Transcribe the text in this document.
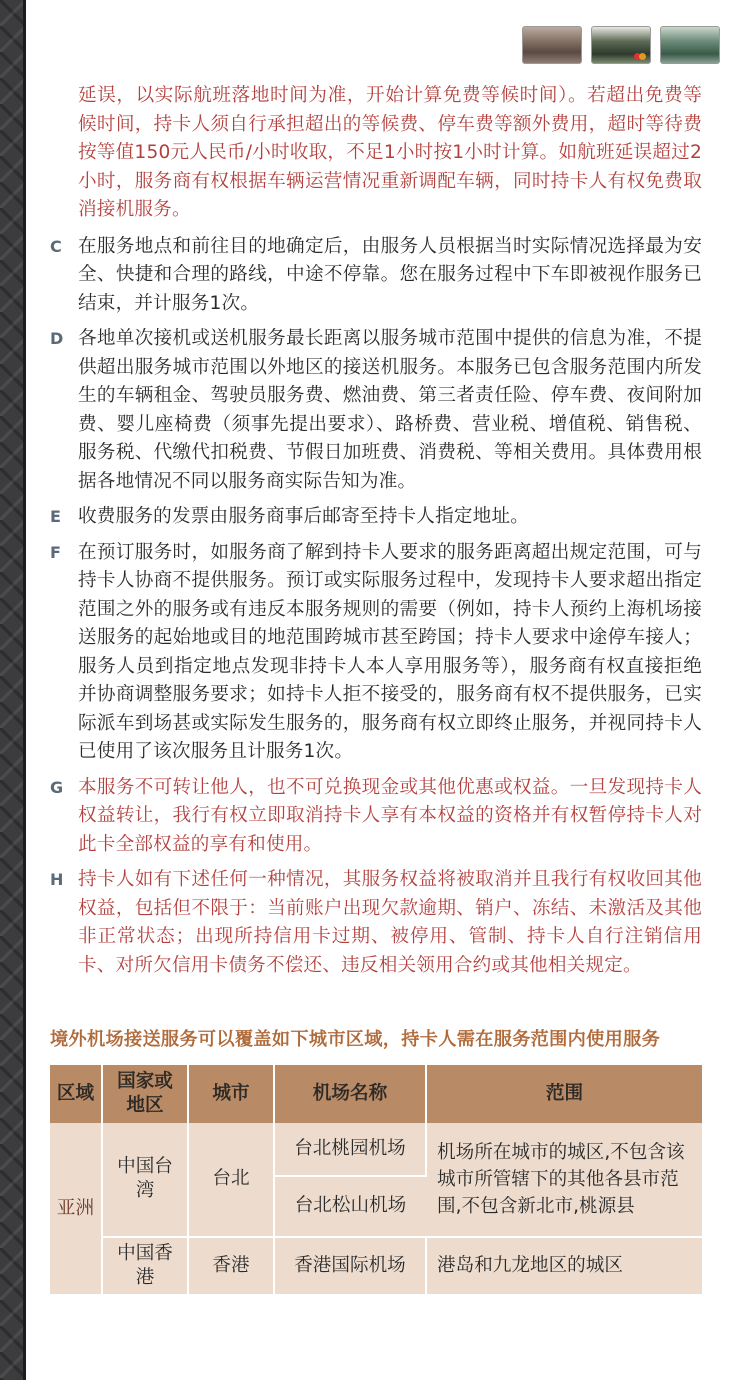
延误，以实际航班落地时间为准，开始计算免费等候时间）。若超出免费等候时间，持卡人须自行承担超出的等候费、停车费等额外费用，超时等待费按等值150元人民币/小时收取，不足1小时按1小时计算。如航班延误超过2小时，服务商有权根据车辆运营情况重新调配车辆，同时持卡人有权免费取消接机服务。
C 在服务地点和前往目的地确定后，由服务人员根据当时实际情况选择最为安全、快捷和合理的路线，中途不停靠。您在服务过程中下车即被视作服务已结束，并计服务1次。
D 各地单次接机或送机服务最长距离以服务城市范围中提供的信息为准，不提供超出服务城市范围以外地区的接送机服务。本服务已包含服务范围内所发生的车辆租金、驾驶员服务费、燃油费、第三者责任险、停车费、夜间附加费、婴儿座椅费（须事先提出要求）、路桥费、营业税、增值税、销售税、服务税、代缴代扣税费、节假日加班费、消费税、等相关费用。具体费用根据各地情况不同以服务商实际告知为准。
E 收费服务的发票由服务商事后邮寄至持卡人指定地址。
F 在预订服务时，如服务商了解到持卡人要求的服务距离超出规定范围，可与持卡人协商不提供服务。预订或实际服务过程中，发现持卡人要求超出指定范围之外的服务或有违反本服务规则的需要（例如，持卡人预约上海机场接送服务的起始地或目的地范围跨城市甚至跨国；持卡人要求中途停车接人；服务人员到指定地点发现非持卡人本人享用服务等），服务商有权直接拒绝并协商调整服务要求；如持卡人拒不接受的，服务商有权不提供服务，已实际派车到场甚或实际发生服务的，服务商有权立即终止服务，并视同持卡人已使用了该次服务且计服务1次。
G 本服务不可转让他人，也不可兑换现金或其他优惠或权益。一旦发现持卡人权益转让，我行有权立即取消持卡人享有本权益的资格并有权暂停持卡人对此卡全部权益的享有和使用。
H 持卡人如有下述任何一种情况，其服务权益将被取消并且我行有权收回其他权益，包括但不限于：当前账户出现欠款逾期、销户、冻结、未激活及其他非正常状态；出现所持信用卡过期、被停用、管制、持卡人自行注销信用卡、对所欠信用卡债务不偿还、违反相关领用合约或其他相关规定。
境外机场接送服务可以覆盖如下城市区域，持卡人需在服务范围内使用服务
区域	国家或地区	城市	机场名称	范围
亚洲	中国台湾	台北	台北桃园机场	机场所在城市的城区,不包含该城市所管辖下的其他各县市范围,不包含新北市,桃源县
			台北松山机场	
	中国香港	香港	香港国际机场	港岛和九龙地区的城区
